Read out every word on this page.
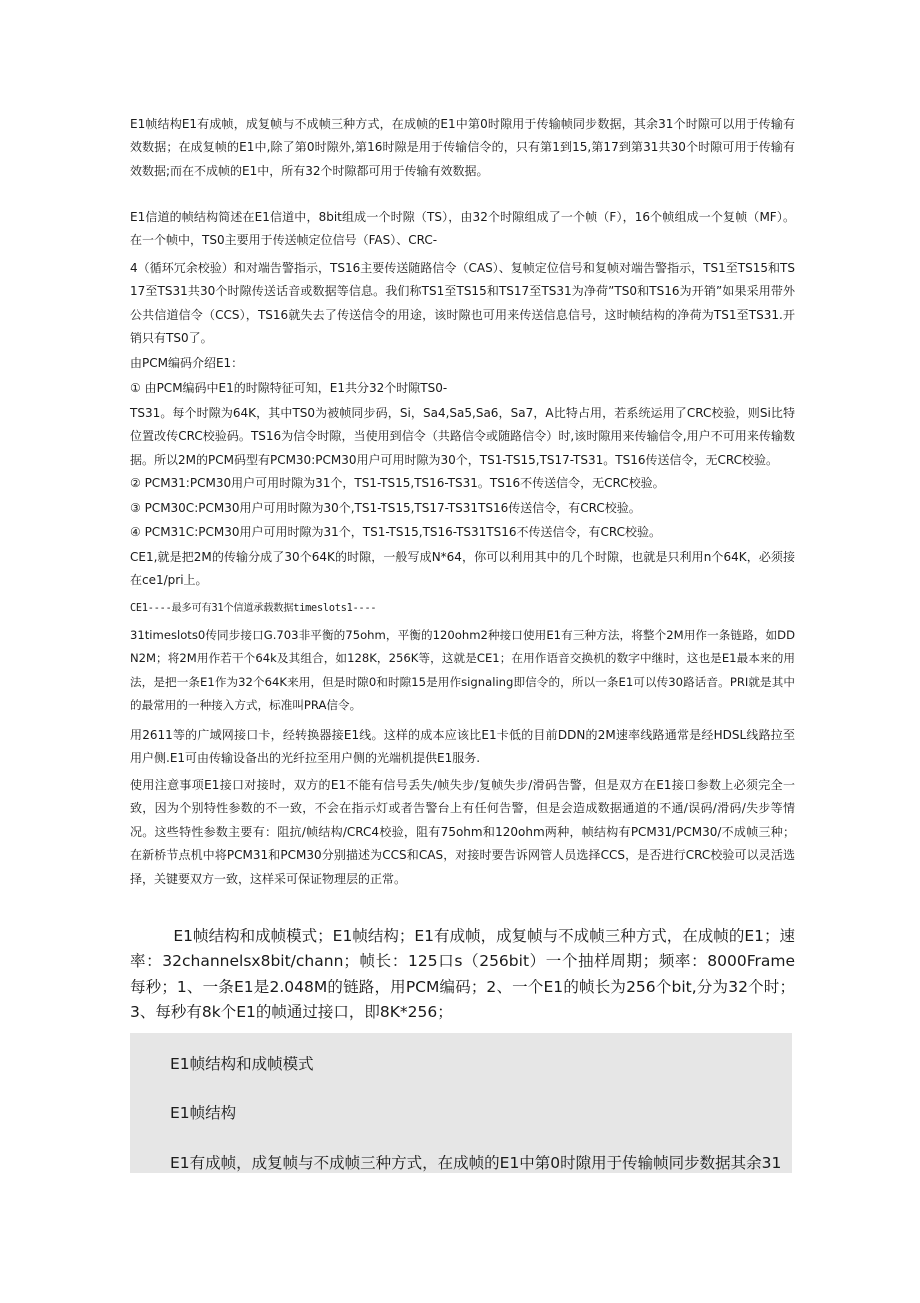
E1帧结构E1有成帧，成复帧与不成帧三种方式，在成帧的E1中第0时隙用于传输帧同步数据，其余31个时隙可以用于传输有效数据；在成复帧的E1中,除了第0时隙外,第16时隙是用于传输信令的，只有第1到15,第17到第31共30个时隙可用于传输有效数据;而在不成帧的E1中，所有32个时隙都可用于传输有效数据。

E1信道的帧结构简述在E1信道中，8bit组成一个时隙（TS），由32个时隙组成了一个帧（F），16个帧组成一个复帧（MF）。在一个帧中，TS0主要用于传送帧定位信号（FAS）、CRC-

4（循环冗余校验）和对端告警指示，TS16主要传送随路信令（CAS）、复帧定位信号和复帧对端告警指示，TS1至TS15和TS17至TS31共30个时隙传送话音或数据等信息。我们称TS1至TS15和TS17至TS31为净荷”TS0和TS16为开销”如果采用带外公共信道信令（CCS），TS16就失去了传送信令的用途，该时隙也可用来传送信息信号，这时帧结构的净荷为TS1至TS31.开销只有TS0了。

由PCM编码介绍E1：

① 由PCM编码中E1的时隙特征可知，E1共分32个时隙TS0-

TS31。每个时隙为64K，其中TS0为被帧同步码，Si，Sa4,Sa5,Sa6，Sa7，A比特占用，若系统运用了CRC校验，则Si比特位置改传CRC校验码。TS16为信令时隙，当使用到信令（共路信令或随路信令）时,该时隙用来传输信令,用户不可用来传输数据。所以2M的PCM码型有PCM30:PCM30用户可用时隙为30个，TS1-TS15,TS17-TS31。TS16传送信令，无CRC校验。

② PCM31:PCM30用户可用时隙为31个，TS1-TS15,TS16-TS31。TS16不传送信令，无CRC校验。

③ PCM30C:PCM30用户可用时隙为30个,TS1-TS15,TS17-TS31TS16传送信令，有CRC校验。

④ PCM31C:PCM30用户可用时隙为31个，TS1-TS15,TS16-TS31TS16不传送信令，有CRC校验。

CE1,就是把2M的传输分成了30个64K的时隙，一般写成N*64，你可以利用其中的几个时隙，也就是只利用n个64K，必须接在ce1/pri上。

CE1----最多可有31个信道承载数据timeslots1----

31timeslots0传同步接口G.703非平衡的75ohm，平衡的120ohm2种接口使用E1有三种方法，将整个2M用作一条链路，如DDN2M；将2M用作若干个64k及其组合，如128K，256K等，这就是CE1；在用作语音交换机的数字中继时，这也是E1最本来的用法，是把一条E1作为32个64K来用，但是时隙0和时隙15是用作signaling即信令的，所以一条E1可以传30路话音。PRI就是其中的最常用的一种接入方式，标准叫PRA信令。

用2611等的广域网接口卡，经转换器接E1线。这样的成本应该比E1卡低的目前DDN的2M速率线路通常是经HDSL线路拉至用户侧.E1可由传输设备出的光纤拉至用户侧的光端机提供E1服务.

使用注意事项E1接口对接时，双方的E1不能有信号丢失/帧失步/复帧失步/滑码告警，但是双方在E1接口参数上必须完全一致，因为个别特性参数的不一致，不会在指示灯或者告警台上有任何告警，但是会造成数据通道的不通/误码/滑码/失步等情况。这些特性参数主要有：阻抗/帧结构/CRC4校验，阻有75ohm和120ohm两种，帧结构有PCM31/PCM30/不成帧三种；在新桥节点机中将PCM31和PCM30分别描述为CCS和CAS，对接时要告诉网管人员选择CCS，是否进行CRC校验可以灵活选择，关键要双方一致，这样采可保证物理层的正常。

E1帧结构和成帧模式；E1帧结构；E1有成帧，成复帧与不成帧三种方式，在成帧的E1；速率：32channelsx8bit/chann；帧长：125口s（256bit）一个抽样周期；频率：8000Frame每秒；1、一条E1是2.048M的链路，用PCM编码；2、一个E1的帧长为256个bit,分为32个时；3、每秒有8k个E1的帧通过接口，即8K*256；

E1帧结构和成帧模式

E1帧结构

E1有成帧，成复帧与不成帧三种方式，在成帧的E1中第0时隙用于传输帧同步数据其余31
